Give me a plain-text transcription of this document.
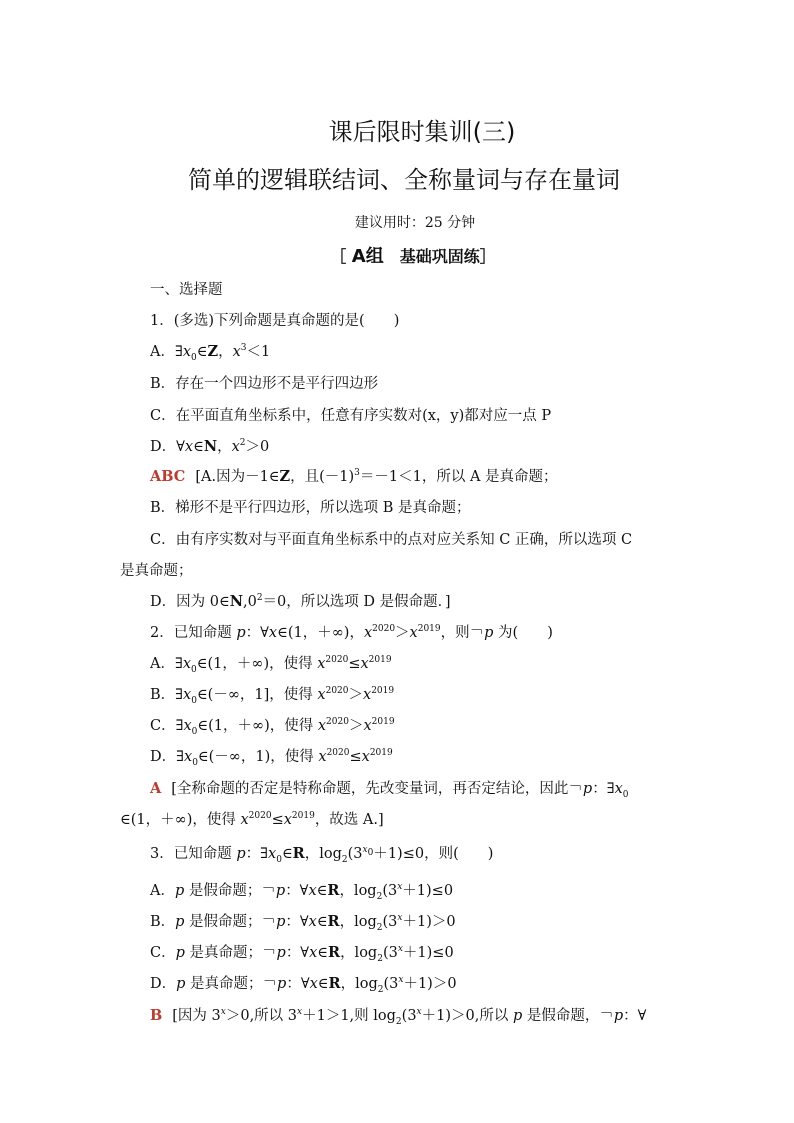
课后限时集训(三)
简单的逻辑联结词、全称量词与存在量词
建议用时：25 分钟
［ A组　 基础巩固练］
一、选择题
1．(多选)下列命题是真命题的是(　　)
A．$\exists x_0\in Z$，$x^3<1$
B．存在一个四边形不是平行四边形
C．在平面直角坐标系中，任意有序实数对(x，y)都对应一点 P
D．∀x∈N，$x^2>0$
ABC [A.因为－1∈Z，且$(-1)^3=-1<1$，所以 A 是真命题；
B．梯形不是平行四边形，所以选项 B 是真命题；
C．由有序实数对与平面直角坐标系中的点对应关系知 C 正确，所以选项 C
是真命题；
D．因为 $0\in N,0^2=0$，所以选项 D 是假命题．]
2．已知命题 p：∀x∈(1，＋∞)，$x^{2020}>x^{2019}$，则￢p 为(　　)
A．$\exists x_0\in(1$，＋∞)，使得 $x^{2020}\le x^{2019}$
B．$\exists x_0\in(-\infty$，1]，使得 $x^{2020}>x^{2019}$
C．$\exists x_0\in(1$，＋∞)，使得 $x^{2020}>x^{2019}$
D．$\exists x_0\in(-\infty$，1)，使得 $x^{2020}\le x^{2019}$
A [全称命题的否定是特称命题，先改变量词，再否定结论，因此￢p：$\exists x_0$
∈(1，＋∞)，使得 $x^{2020}\le x^{2019}$，故选 A.]
3．已知命题 p：$\exists x_0\in R$，$\log_2(3^{x_0}+1)\le 0$，则(　　)
A．p 是假命题；￢p：∀x∈R，$\log_2(3^x+1)\le 0$
B．p 是假命题；￢p：∀x∈R，$\log_2(3^x+1)>0$
C．p 是真命题；￢p：∀x∈R，$\log_2(3^x+1)\le 0$
D．p 是真命题；￢p：∀x∈R，$\log_2(3^x+1)>0$
B [因为 $3^x>0$,所以 $3^x+1>1$,则 $\log_2(3^x+1)>0$,所以 p 是假命题，￢p：∀
